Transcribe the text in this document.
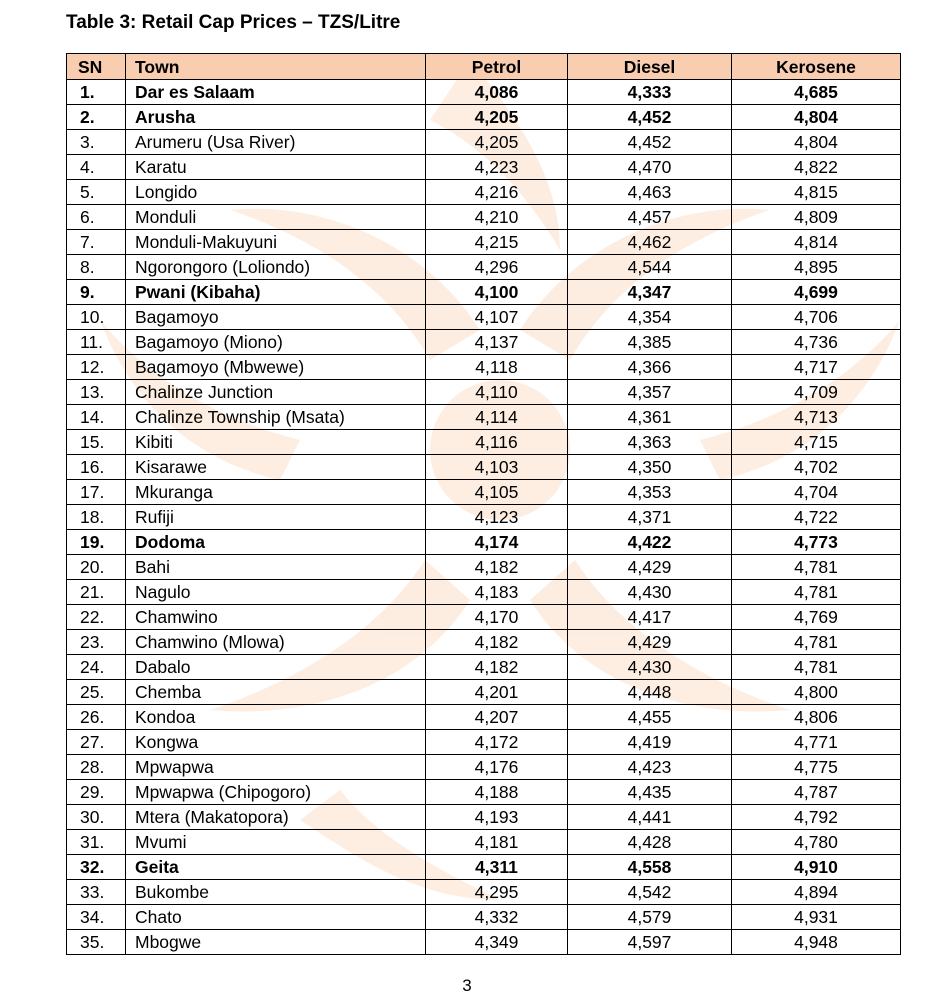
Table 3: Retail Cap Prices – TZS/Litre
SN	Town	Petrol	Diesel	Kerosene
1.	Dar es Salaam	4,086	4,333	4,685
2.	Arusha	4,205	4,452	4,804
3.	Arumeru (Usa River)	4,205	4,452	4,804
4.	Karatu	4,223	4,470	4,822
5.	Longido	4,216	4,463	4,815
6.	Monduli	4,210	4,457	4,809
7.	Monduli-Makuyuni	4,215	4,462	4,814
8.	Ngorongoro (Loliondo)	4,296	4,544	4,895
9.	Pwani (Kibaha)	4,100	4,347	4,699
10.	Bagamoyo	4,107	4,354	4,706
11.	Bagamoyo (Miono)	4,137	4,385	4,736
12.	Bagamoyo (Mbwewe)	4,118	4,366	4,717
13.	Chalinze Junction	4,110	4,357	4,709
14.	Chalinze Township (Msata)	4,114	4,361	4,713
15.	Kibiti	4,116	4,363	4,715
16.	Kisarawe	4,103	4,350	4,702
17.	Mkuranga	4,105	4,353	4,704
18.	Rufiji	4,123	4,371	4,722
19.	Dodoma	4,174	4,422	4,773
20.	Bahi	4,182	4,429	4,781
21.	Nagulo	4,183	4,430	4,781
22.	Chamwino	4,170	4,417	4,769
23.	Chamwino (Mlowa)	4,182	4,429	4,781
24.	Dabalo	4,182	4,430	4,781
25.	Chemba	4,201	4,448	4,800
26.	Kondoa	4,207	4,455	4,806
27.	Kongwa	4,172	4,419	4,771
28.	Mpwapwa	4,176	4,423	4,775
29.	Mpwapwa (Chipogoro)	4,188	4,435	4,787
30.	Mtera (Makatopora)	4,193	4,441	4,792
31.	Mvumi	4,181	4,428	4,780
32.	Geita	4,311	4,558	4,910
33.	Bukombe	4,295	4,542	4,894
34.	Chato	4,332	4,579	4,931
35.	Mbogwe	4,349	4,597	4,948
3
